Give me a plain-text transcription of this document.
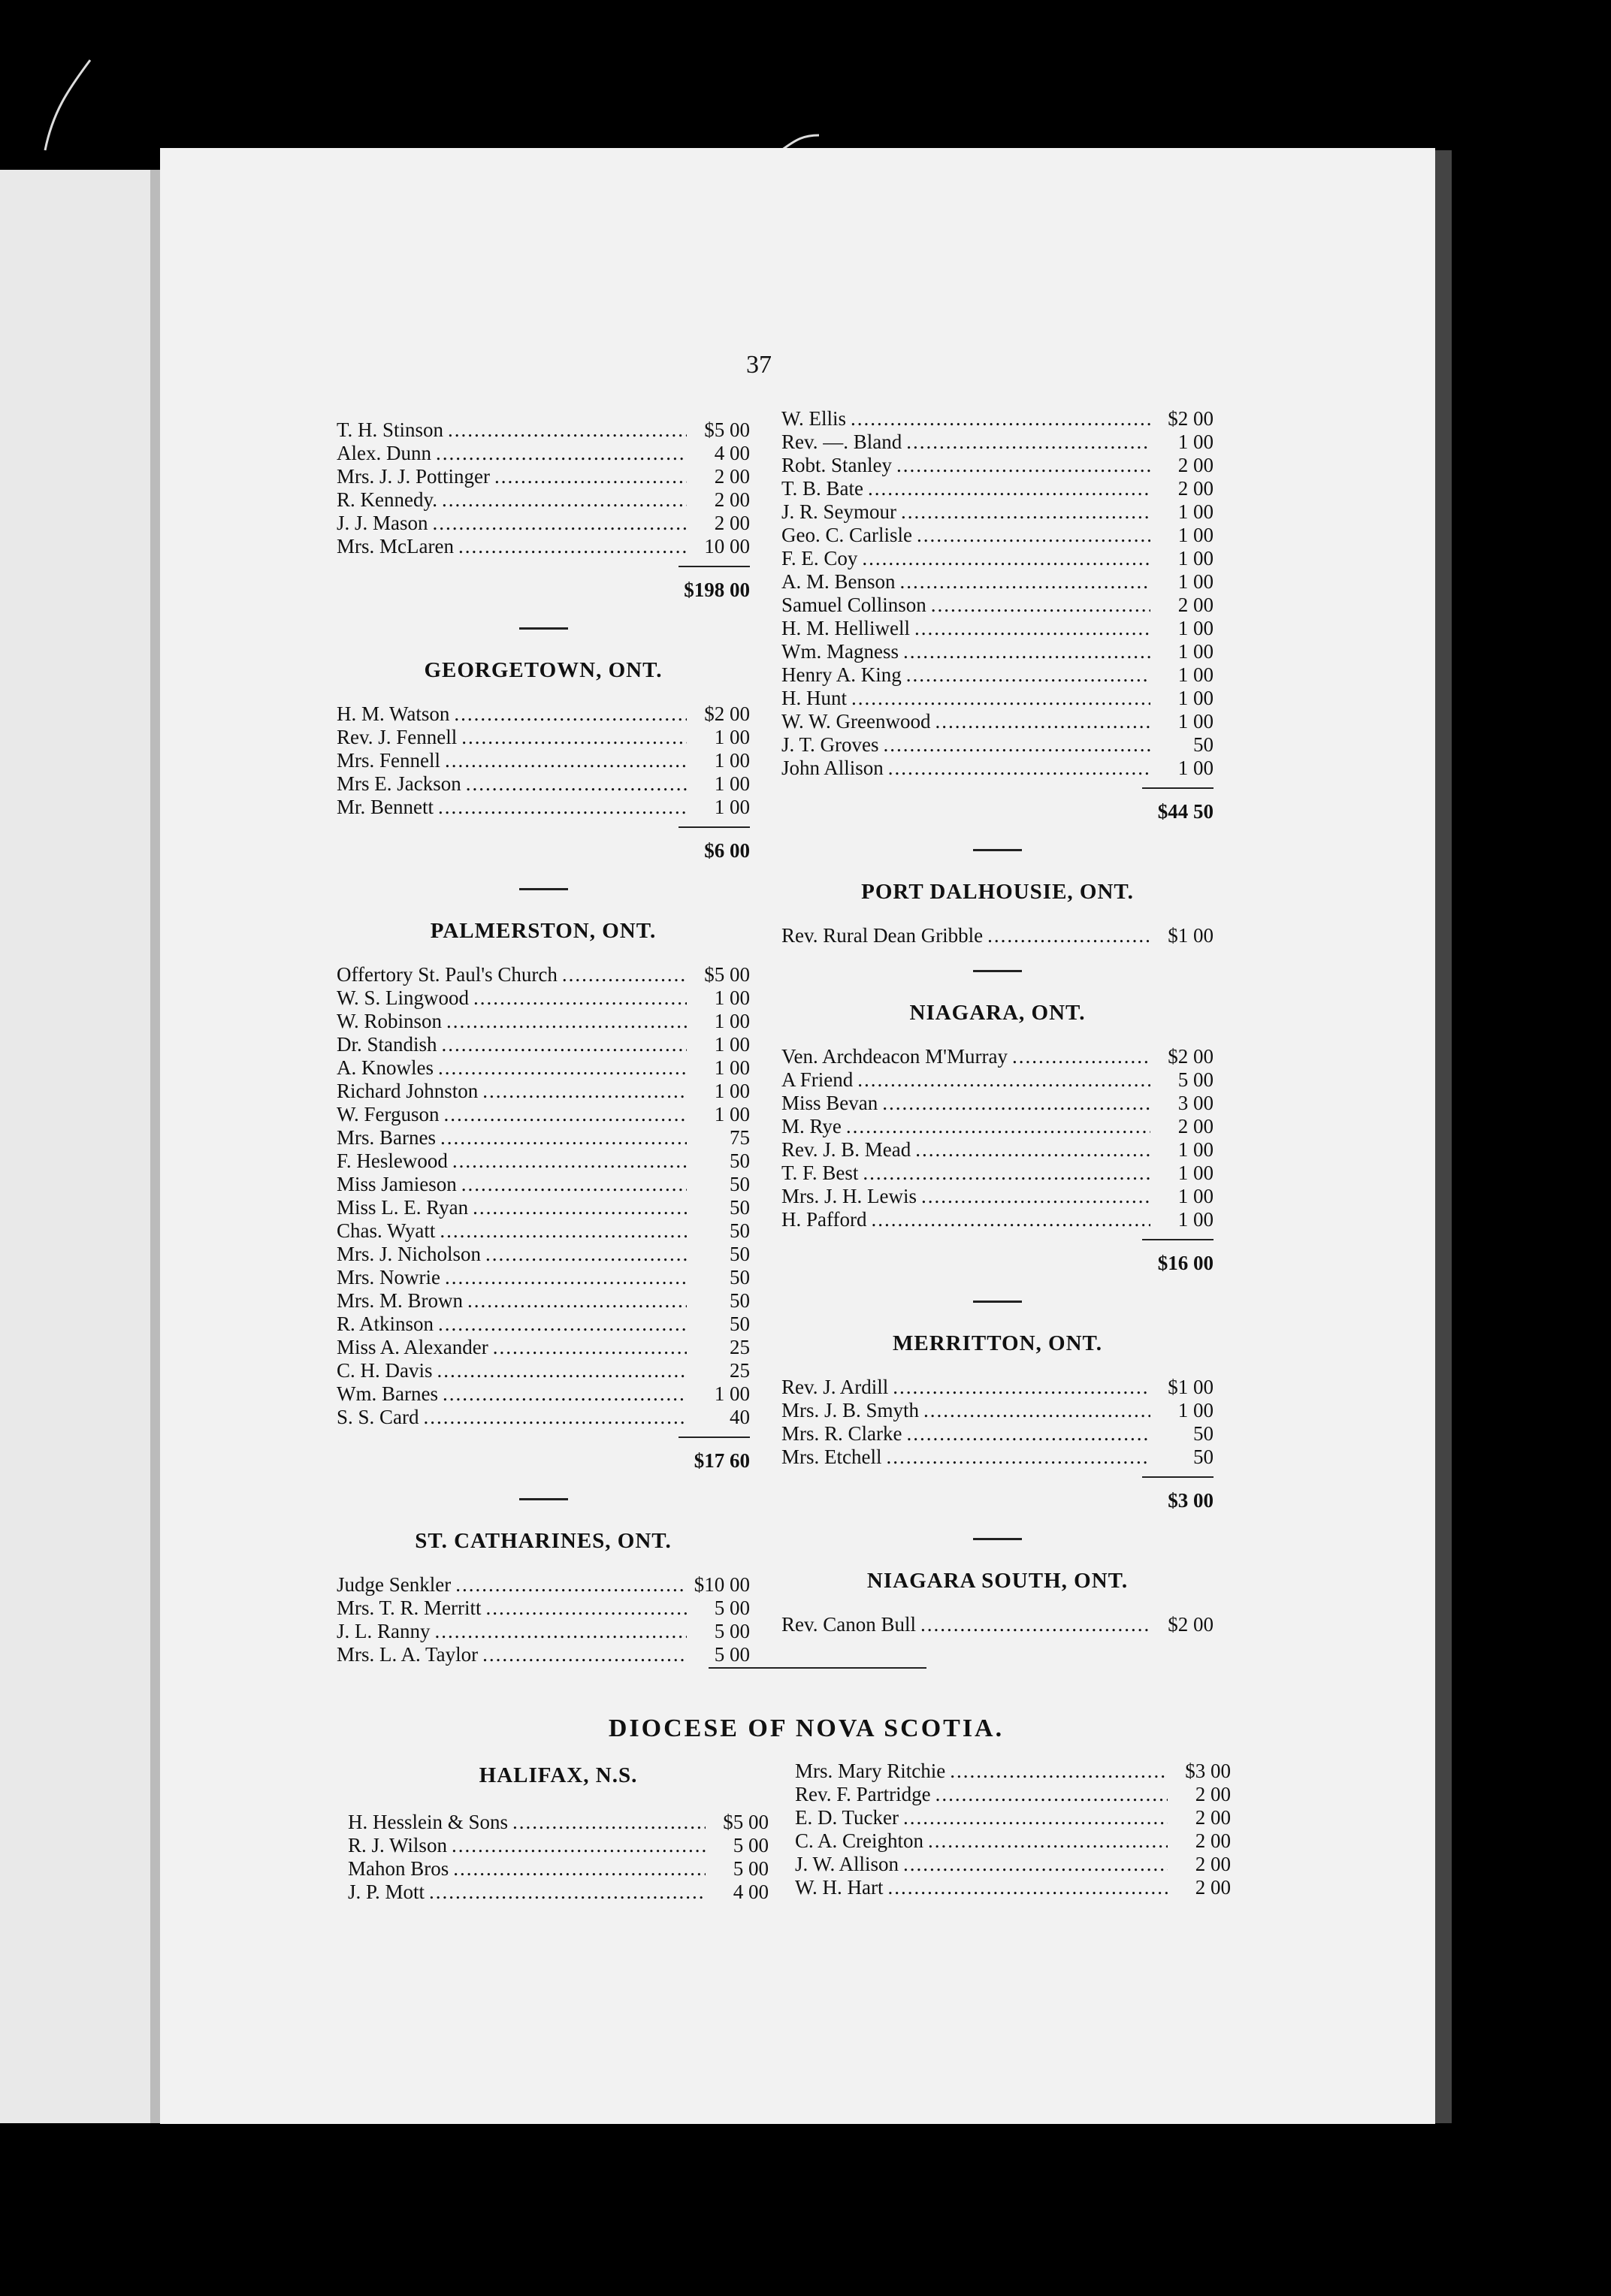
37
T. H. Stinson .....	$5 00
Alex. Dunn .....	4 00
Mrs. J. J. Pottinger .....	2 00
R. Kennedy. .....	2 00
J. J. Mason .....	2 00
Mrs. McLaren .....	10 00
$198 00
GEORGETOWN, ONT.
H. M. Watson .....	$2 00
Rev. J. Fennell .....	1 00
Mrs. Fennell .....	1 00
Mrs E. Jackson .....	1 00
Mr. Bennett .....	1 00
$6 00
PALMERSTON, ONT.
Offertory St. Paul's Church .....	$5 00
W. S. Lingwood .....	1 00
W. Robinson .....	1 00
Dr. Standish .....	1 00
A. Knowles .....	1 00
Richard Johnston .....	1 00
W. Ferguson .....	1 00
Mrs. Barnes .....	75
F. Heslewood .....	50
Miss Jamieson .....	50
Miss L. E. Ryan .....	50
Chas. Wyatt .....	50
Mrs. J. Nicholson .....	50
Mrs. Nowrie .....	50
Mrs. M. Brown .....	50
R. Atkinson .....	50
Miss A. Alexander .....	25
C. H. Davis .....	25
Wm. Barnes .....	1 00
S. S. Card .....	40
$17 60
ST. CATHARINES, ONT.
Judge Senkler .....	$10 00
Mrs. T. R. Merritt .....	5 00
J. L. Ranny .....	5 00
Mrs. L. A. Taylor .....	5 00
W. Ellis .....	$2 00
Rev. —. Bland .....	1 00
Robt. Stanley .....	2 00
T. B. Bate .....	2 00
J. R. Seymour .....	1 00
Geo. C. Carlisle .....	1 00
F. E. Coy .....	1 00
A. M. Benson .....	1 00
Samuel Collinson .....	2 00
H. M. Helliwell .....	1 00
Wm. Magness .....	1 00
Henry A. King .....	1 00
H. Hunt .....	1 00
W. W. Greenwood .....	1 00
J. T. Groves .....	50
John Allison .....	1 00
$44 50
PORT DALHOUSIE, ONT.
Rev. Rural Dean Gribble .....	$1 00
NIAGARA, ONT.
Ven. Archdeacon M'Murray .....	$2 00
A Friend .....	5 00
Miss Bevan .....	3 00
M. Rye .....	2 00
Rev. J. B. Mead .....	1 00
T. F. Best .....	1 00
Mrs. J. H. Lewis .....	1 00
H. Pafford .....	1 00
$16 00
MERRITTON, ONT.
Rev. J. Ardill .....	$1 00
Mrs. J. B. Smyth .....	1 00
Mrs. R. Clarke .....	50
Mrs. Etchell .....	50
$3 00
NIAGARA SOUTH, ONT.
Rev. Canon Bull .....	$2 00
DIOCESE OF NOVA SCOTIA.
HALIFAX, N.S.
H. Hesslein & Sons .....	$5 00
R. J. Wilson .....	5 00
Mahon Bros .....	5 00
J. P. Mott .....	4 00
Mrs. Mary Ritchie .....	$3 00
Rev. F. Partridge .....	2 00
E. D. Tucker .....	2 00
C. A. Creighton .....	2 00
J. W. Allison .....	2 00
W. H. Hart .....	2 00
